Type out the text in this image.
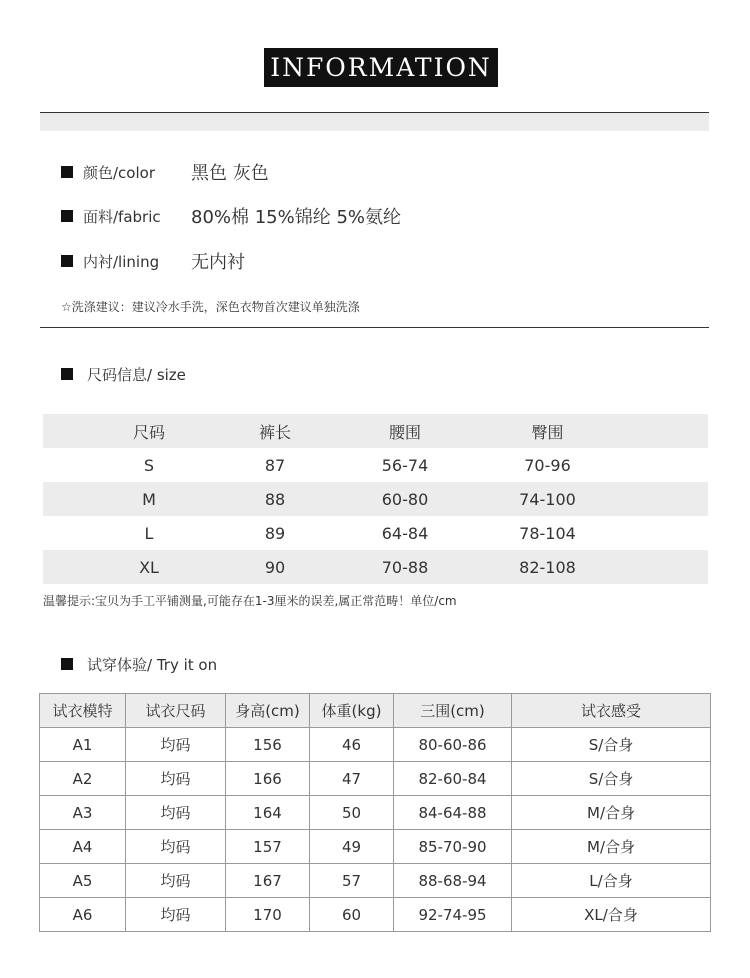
INFORMATION
颜色/color	黑色 灰色
面料/fabric	80%棉 15%锦纶 5%氨纶
内衬/lining	无内衬
☆洗涤建议：建议冷水手洗，深色衣物首次建议单独洗涤
尺码信息/ size
尺码	裤长	腰围	臀围
S	87	56-74	70-96
M	88	60-80	74-100
L	89	64-84	78-104
XL	90	70-88	82-108
温馨提示:宝贝为手工平铺测量,可能存在1-3厘米的误差,属正常范畴！单位/cm
试穿体验/ Try it on
试衣模特	试衣尺码	身高(cm)	体重(kg)	三围(cm)	试衣感受
A1	均码	156	46	80-60-86	S/合身
A2	均码	166	47	82-60-84	S/合身
A3	均码	164	50	84-64-88	M/合身
A4	均码	157	49	85-70-90	M/合身
A5	均码	167	57	88-68-94	L/合身
A6	均码	170	60	92-74-95	XL/合身
